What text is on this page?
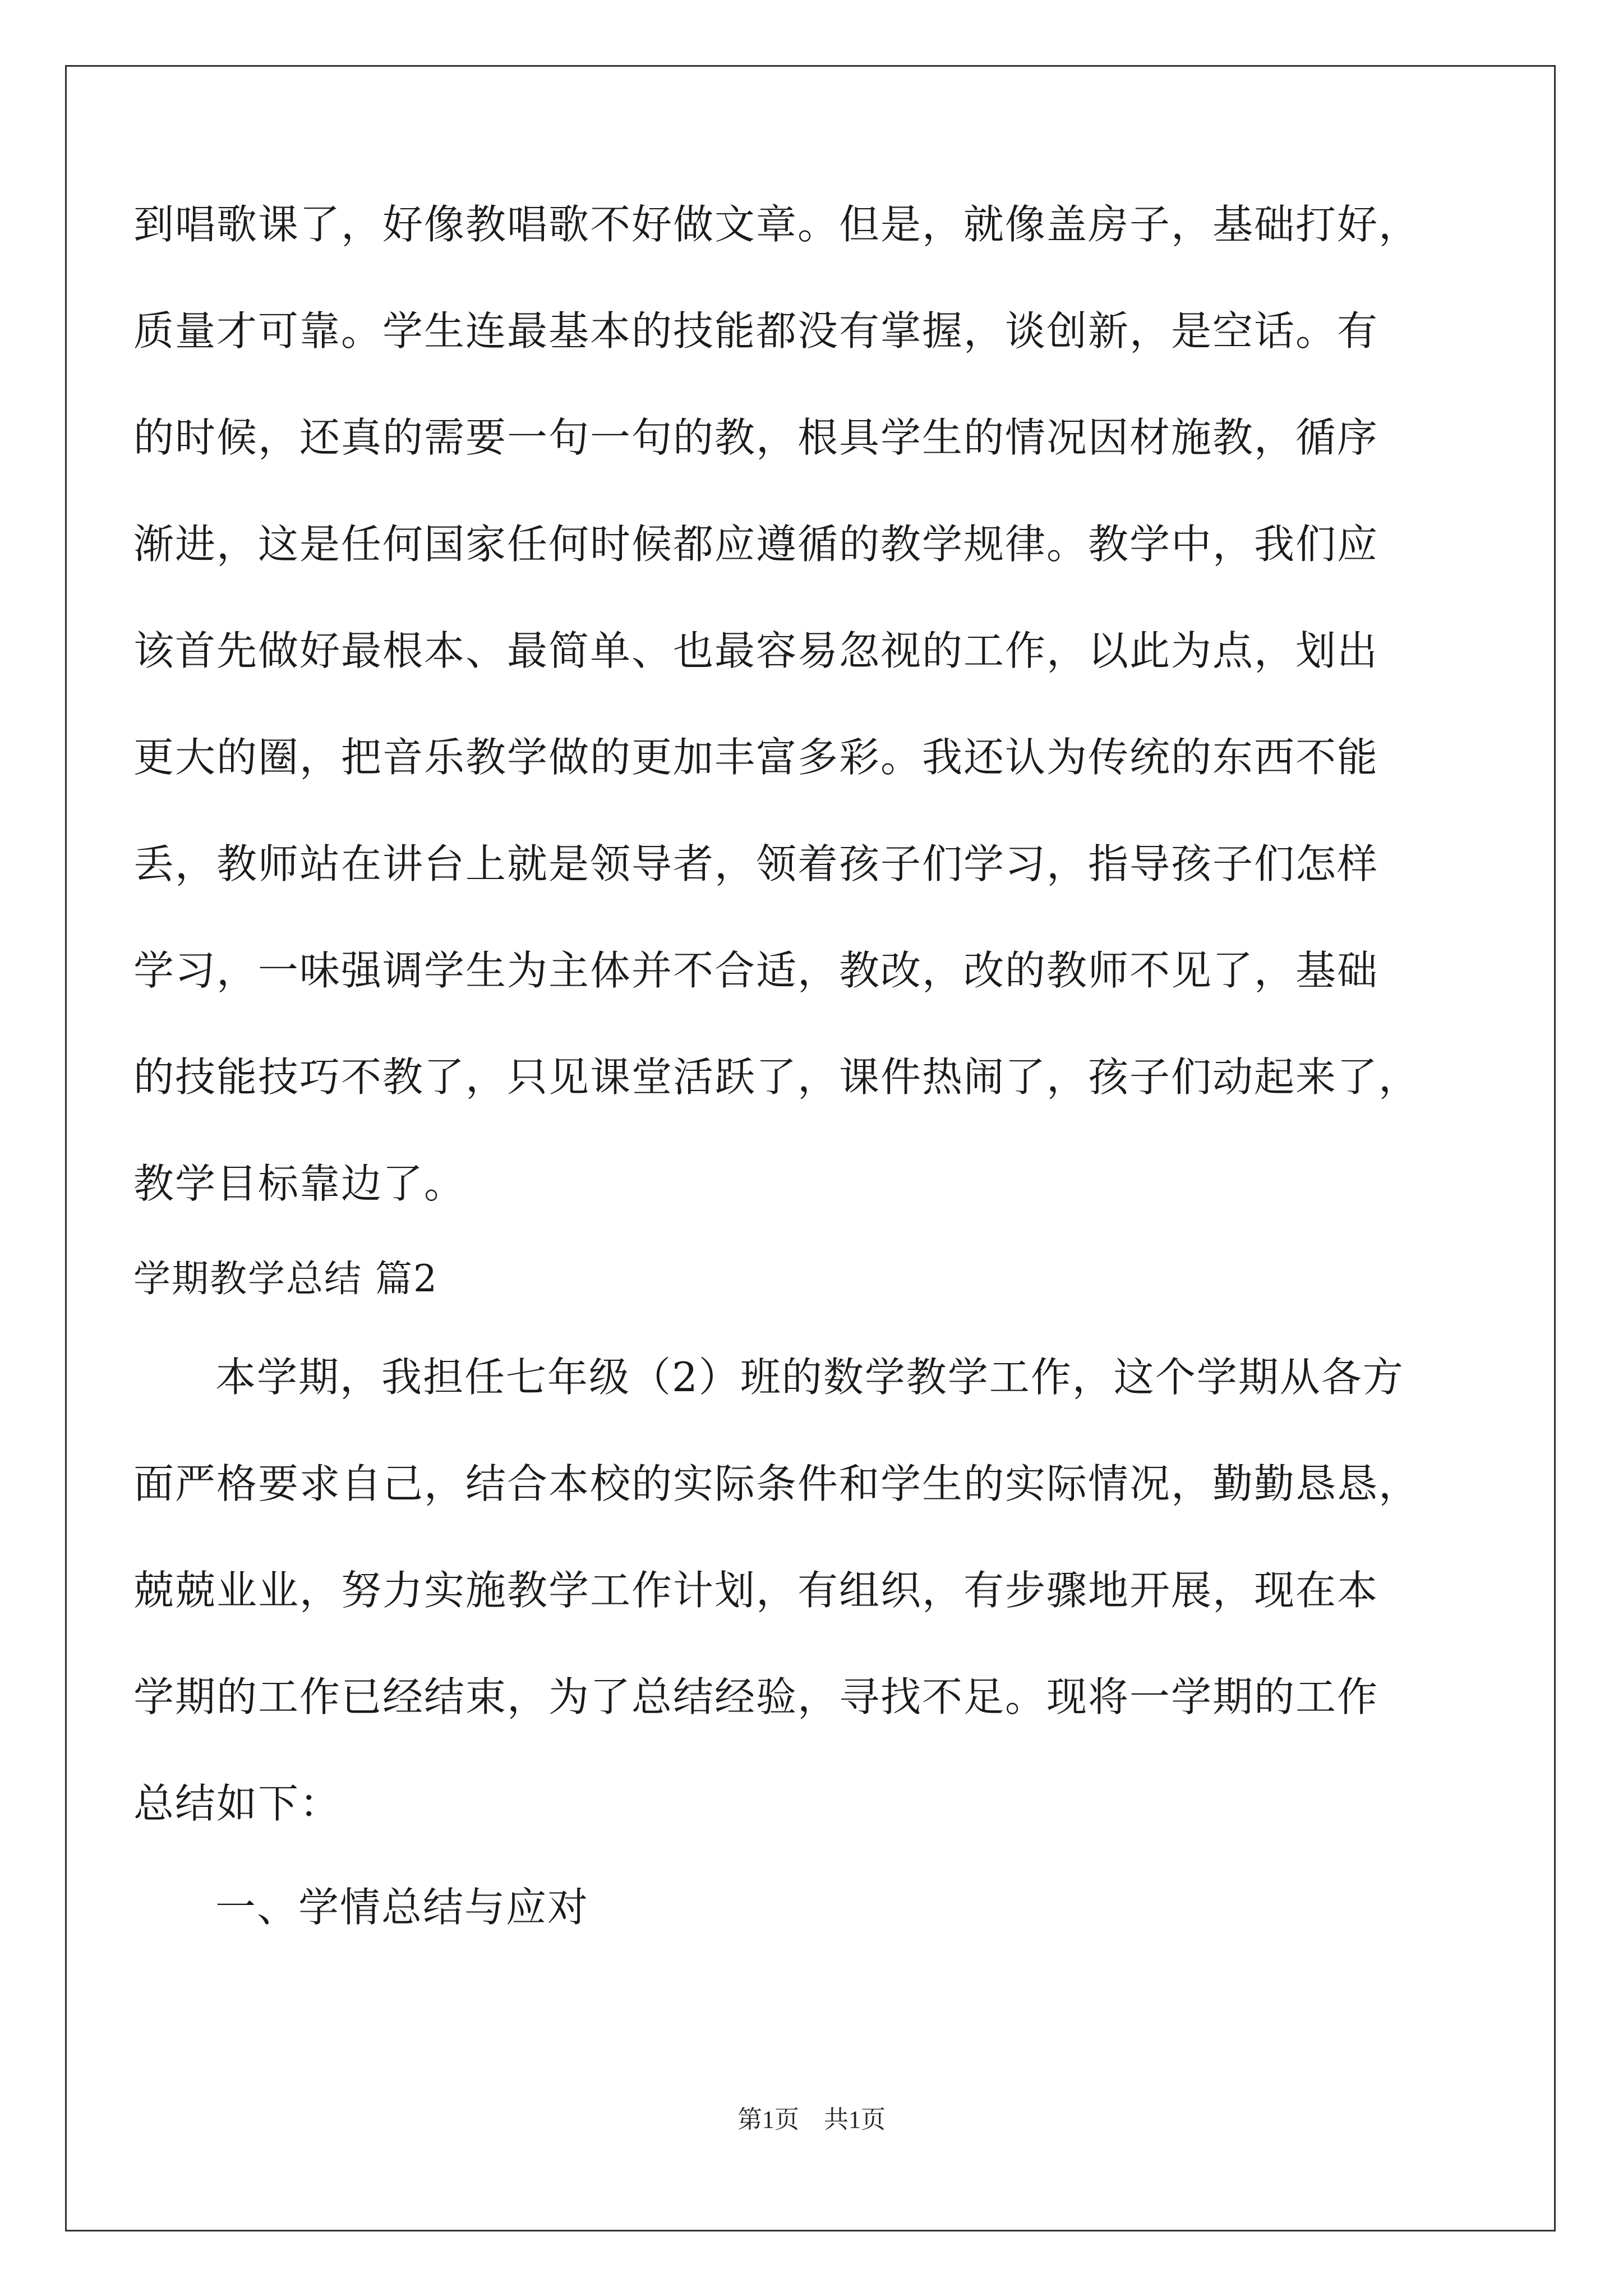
到唱歌课了，好像教唱歌不好做文章。但是，就像盖房子，基础打好，
质量才可靠。学生连最基本的技能都没有掌握，谈创新，是空话。有
的时候，还真的需要一句一句的教，根具学生的情况因材施教，循序
渐进，这是任何国家任何时候都应遵循的教学规律。教学中，我们应
该首先做好最根本、最简单、也最容易忽视的工作，以此为点，划出
更大的圈，把音乐教学做的更加丰富多彩。我还认为传统的东西不能
丢，教师站在讲台上就是领导者，领着孩子们学习，指导孩子们怎样
学习，一味强调学生为主体并不合适，教改，改的教师不见了，基础
的技能技巧不教了，只见课堂活跃了，课件热闹了，孩子们动起来了，
教学目标靠边了。
学期教学总结 篇2
本学期，我担任七年级（2）班的数学教学工作，这个学期从各方
面严格要求自己，结合本校的实际条件和学生的实际情况，勤勤恳恳，
兢兢业业，努力实施教学工作计划，有组织，有步骤地开展，现在本
学期的工作已经结束，为了总结经验，寻找不足。现将一学期的工作
总结如下：
一、学情总结与应对
第1页　共1页
